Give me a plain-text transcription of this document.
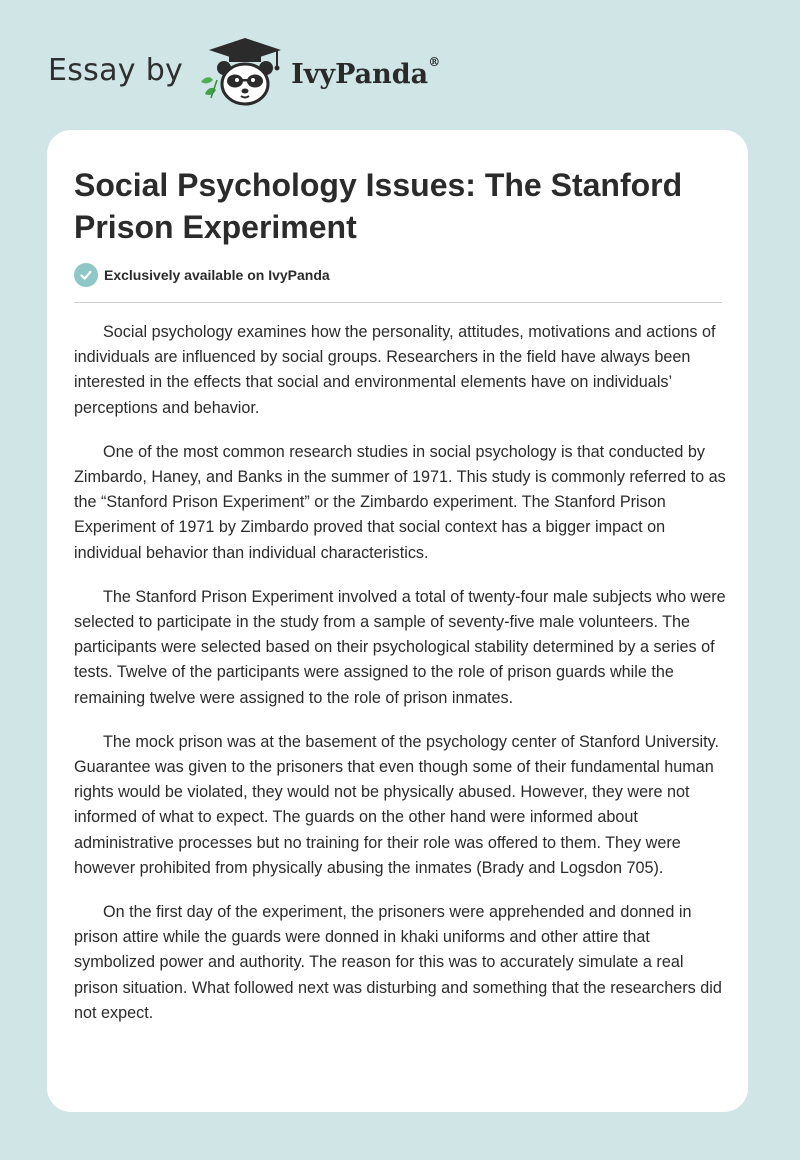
Essay by	IvyPanda®
Social Psychology Issues: The Stanford Prison Experiment
Exclusively available on IvyPanda

Social psychology examines how the personality, attitudes, motivations and actions of individuals are influenced by social groups. Researchers in the field have always been interested in the effects that social and environmental elements have on individuals’ perceptions and behavior.

One of the most common research studies in social psychology is that conducted by Zimbardo, Haney, and Banks in the summer of 1971. This study is commonly referred to as the “Stanford Prison Experiment” or the Zimbardo experiment. The Stanford Prison Experiment of 1971 by Zimbardo proved that social context has a bigger impact on individual behavior than individual characteristics.

The Stanford Prison Experiment involved a total of twenty-four male subjects who were selected to participate in the study from a sample of seventy-five male volunteers. The participants were selected based on their psychological stability determined by a series of tests. Twelve of the participants were assigned to the role of prison guards while the remaining twelve were assigned to the role of prison inmates.

The mock prison was at the basement of the psychology center of Stanford University. Guarantee was given to the prisoners that even though some of their fundamental human rights would be violated, they would not be physically abused. However, they were not informed of what to expect. The guards on the other hand were informed about administrative processes but no training for their role was offered to them. They were however prohibited from physically abusing the inmates (Brady and Logsdon 705).

On the first day of the experiment, the prisoners were apprehended and donned in prison attire while the guards were donned in khaki uniforms and other attire that symbolized power and authority. The reason for this was to accurately simulate a real prison situation. What followed next was disturbing and something that the researchers did not expect.
